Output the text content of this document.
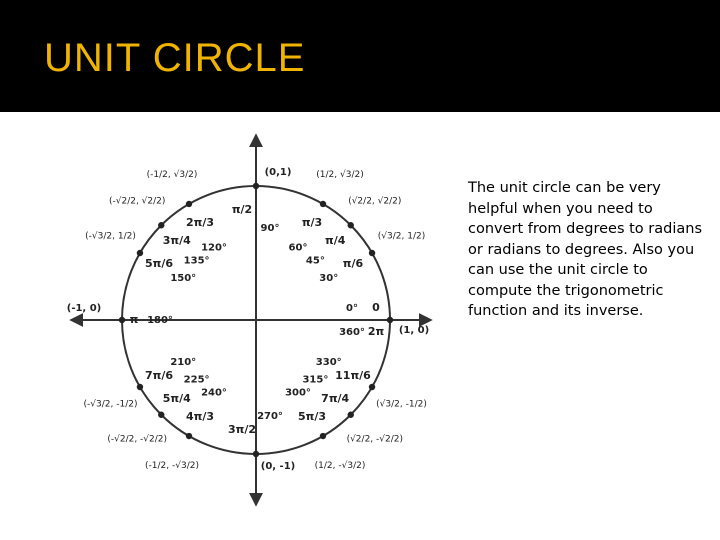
UNIT CIRCLE
0°
360°
0
2π
30°
π/6
(√3/2, 1/2)
45°
π/4
(√2/2, √2/2)
60°
π/3
(1/2, √3/2)
90°
π/2
120°
2π/3
(-1/2, √3/2)
135°
3π/4
(-√2/2, √2/2)
150°
5π/6
(-√3/2, 1/2)
180°
π
210°
7π/6
(-√3/2, -1/2)
225°
5π/4
(-√2/2, -√2/2)
240°
4π/3
(-1/2, -√3/2)
270°
3π/2
300°
5π/3
(1/2, -√3/2)
315°
7π/4
(√2/2, -√2/2)
330°
11π/6
(√3/2, -1/2)
(0,1)
(-1, 0)
(1, 0)
(0, -1)
The unit circle can be very helpful when you need to convert from degrees to radians or radians to degrees. Also you can use the unit circle to compute the trigonometric function and its inverse.
